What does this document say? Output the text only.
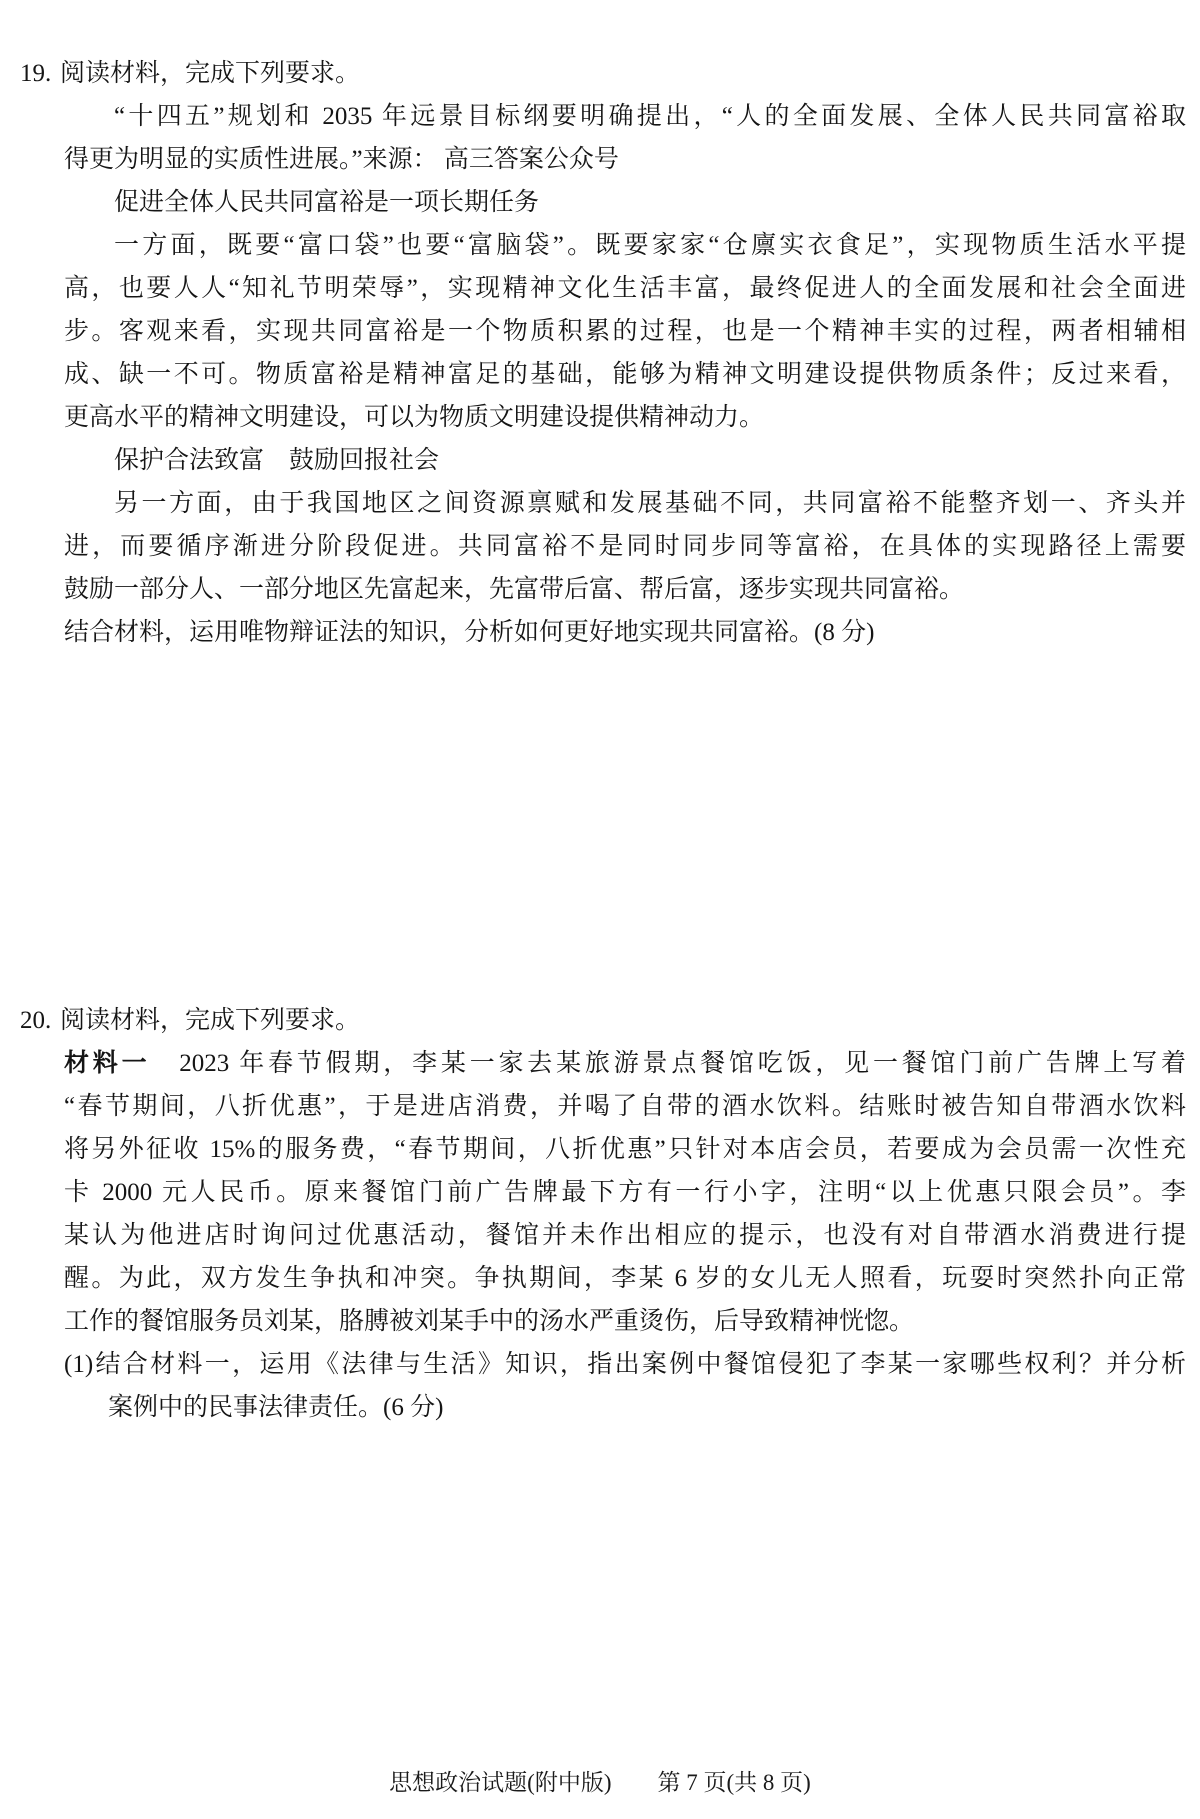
19. 阅读材料，完成下列要求。
“十四五”规划和 2035 年远景目标纲要明确提出，“人的全面发展、全体人民共同富裕取
得更为明显的实质性进展。”来源： 高三答案公众号
促进全体人民共同富裕是一项长期任务
一方面，既要“富口袋”也要“富脑袋”。既要家家“仓廪实衣食足”，实现物质生活水平提
高，也要人人“知礼节明荣辱”，实现精神文化生活丰富，最终促进人的全面发展和社会全面进
步。客观来看，实现共同富裕是一个物质积累的过程，也是一个精神丰实的过程，两者相辅相
成、缺一不可。物质富裕是精神富足的基础，能够为精神文明建设提供物质条件；反过来看，
更高水平的精神文明建设，可以为物质文明建设提供精神动力。
保护合法致富　鼓励回报社会
另一方面，由于我国地区之间资源禀赋和发展基础不同，共同富裕不能整齐划一、齐头并
进，而要循序渐进分阶段促进。共同富裕不是同时同步同等富裕，在具体的实现路径上需要
鼓励一部分人、一部分地区先富起来，先富带后富、帮后富，逐步实现共同富裕。
结合材料，运用唯物辩证法的知识，分析如何更好地实现共同富裕。(8 分)
20. 阅读材料，完成下列要求。
材料一　2023 年春节假期，李某一家去某旅游景点餐馆吃饭，见一餐馆门前广告牌上写着
“春节期间，八折优惠”，于是进店消费，并喝了自带的酒水饮料。结账时被告知自带酒水饮料
将另外征收 15%的服务费，“春节期间，八折优惠”只针对本店会员，若要成为会员需一次性充
卡 2000 元人民币。原来餐馆门前广告牌最下方有一行小字，注明“以上优惠只限会员”。李
某认为他进店时询问过优惠活动，餐馆并未作出相应的提示，也没有对自带酒水消费进行提
醒。为此，双方发生争执和冲突。争执期间，李某 6 岁的女儿无人照看，玩耍时突然扑向正常
工作的餐馆服务员刘某，胳膊被刘某手中的汤水严重烫伤，后导致精神恍惚。
(1)结合材料一，运用《法律与生活》知识，指出案例中餐馆侵犯了李某一家哪些权利？并分析
案例中的民事法律责任。(6 分)
思想政治试题(附中版)　　第 7 页(共 8 页)
